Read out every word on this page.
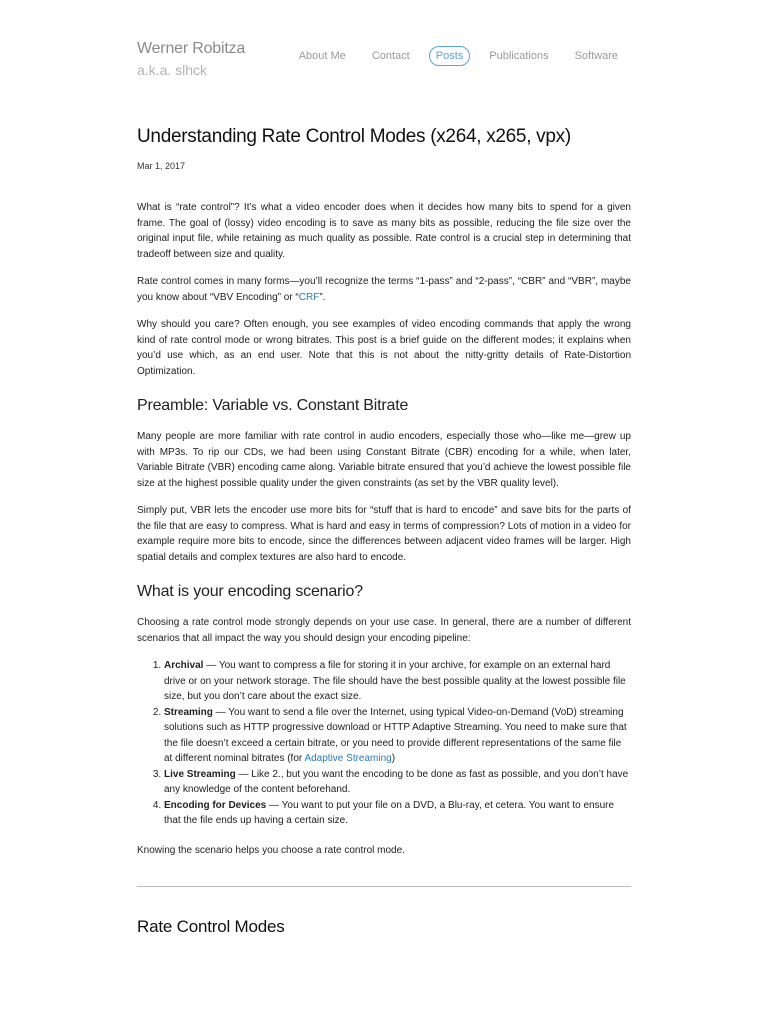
Werner Robitza
a.k.a. slhck
About Me	Contact	Posts	Publications	Software
Understanding Rate Control Modes (x264, x265, vpx)
Mar 1, 2017

What is “rate control”? It’s what a video encoder does when it decides how many bits to spend for a given frame. The goal of (lossy) video encoding is to save as many bits as possible, reducing the file size over the original input file, while retaining as much quality as possible. Rate control is a crucial step in determining that tradeoff between size and quality.

Rate control comes in many forms—you’ll recognize the terms “1-pass” and “2-pass”, “CBR” and “VBR”, maybe you know about “VBV Encoding” or “CRF”.

Why should you care? Often enough, you see examples of video encoding commands that apply the wrong kind of rate control mode or wrong bitrates. This post is a brief guide on the different modes; it explains when you’d use which, as an end user. Note that this is not about the nitty-gritty details of Rate-Distortion Optimization.

Preamble: Variable vs. Constant Bitrate

Many people are more familiar with rate control in audio encoders, especially those who—like me—grew up with MP3s. To rip our CDs, we had been using Constant Bitrate (CBR) encoding for a while, when later, Variable Bitrate (VBR) encoding came along. Variable bitrate ensured that you’d achieve the lowest possible file size at the highest possible quality under the given constraints (as set by the VBR quality level).

Simply put, VBR lets the encoder use more bits for “stuff that is hard to encode” and save bits for the parts of the file that are easy to compress. What is hard and easy in terms of compression? Lots of motion in a video for example require more bits to encode, since the differences between adjacent video frames will be larger. High spatial details and complex textures are also hard to encode.

What is your encoding scenario?

Choosing a rate control mode strongly depends on your use case. In general, there are a number of different scenarios that all impact the way you should design your encoding pipeline:

1. Archival — You want to compress a file for storing it in your archive, for example on an external hard drive or on your network storage. The file should have the best possible quality at the lowest possible file size, but you don’t care about the exact size.
2. Streaming — You want to send a file over the Internet, using typical Video-on-Demand (VoD) streaming solutions such as HTTP progressive download or HTTP Adaptive Streaming. You need to make sure that the file doesn’t exceed a certain bitrate, or you need to provide different representations of the same file at different nominal bitrates (for Adaptive Streaming)
3. Live Streaming — Like 2., but you want the encoding to be done as fast as possible, and you don’t have any knowledge of the content beforehand.
4. Encoding for Devices — You want to put your file on a DVD, a Blu-ray, et cetera. You want to ensure that the file ends up having a certain size.

Knowing the scenario helps you choose a rate control mode.

Rate Control Modes
